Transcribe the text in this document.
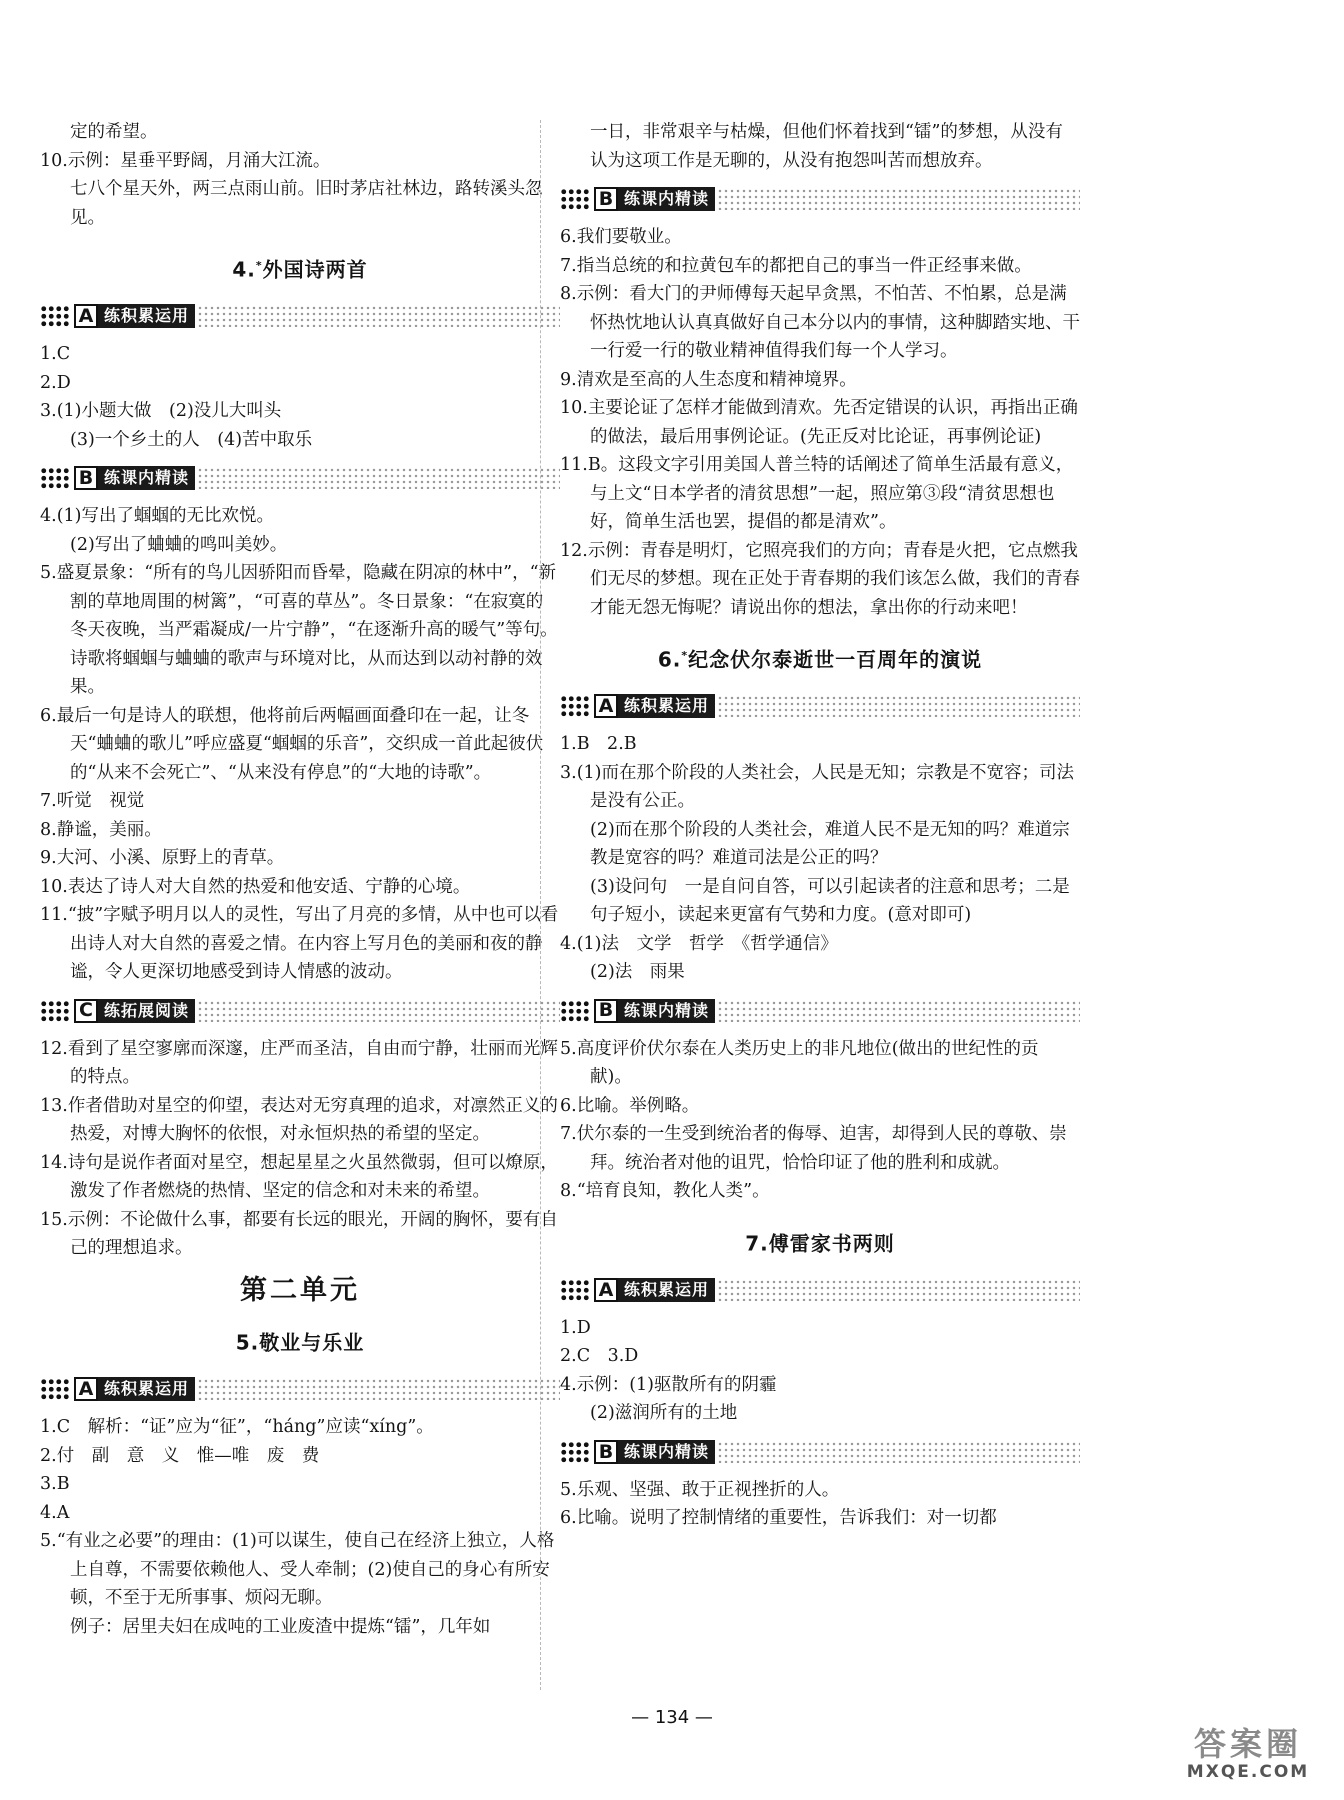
定的希望。

10.示例：星垂平野阔，月涌大江流。

七八个星天外，两三点雨山前。旧时茅店社林边，路转溪头忽见。

4.*外国诗两首
A 练积累运用

1.C

2.D

3.(1)小题大做　(2)没儿大叫头

(3)一个乡土的人　(4)苦中取乐

B 练课内精读

4.(1)写出了蝈蝈的无比欢悦。

(2)写出了蛐蛐的鸣叫美妙。

5.盛夏景象：“所有的鸟儿因骄阳而昏晕，隐藏在阴凉的林中”，“新割的草地周围的树篱”，“可喜的草丛”。冬日景象：“在寂寞的冬天夜晚，当严霜凝成/一片宁静”，“在逐渐升高的暖气”等句。诗歌将蝈蝈与蛐蛐的歌声与环境对比，从而达到以动衬静的效果。

6.最后一句是诗人的联想，他将前后两幅画面叠印在一起，让冬天“蛐蛐的歌儿”呼应盛夏“蝈蝈的乐音”，交织成一首此起彼伏的“从来不会死亡”、“从来没有停息”的“大地的诗歌”。

7.听觉　视觉

8.静谧，美丽。

9.大河、小溪、原野上的青草。

10.表达了诗人对大自然的热爱和他安适、宁静的心境。

11.“披”字赋予明月以人的灵性，写出了月亮的多情，从中也可以看出诗人对大自然的喜爱之情。在内容上写月色的美丽和夜的静谧，令人更深切地感受到诗人情感的波动。

C 练拓展阅读

12.看到了星空寥廓而深邃，庄严而圣洁，自由而宁静，壮丽而光辉的特点。

13.作者借助对星空的仰望，表达对无穷真理的追求，对凛然正义的热爱，对博大胸怀的依恨，对永恒炽热的希望的坚定。

14.诗句是说作者面对星空，想起星星之火虽然微弱，但可以燎原，激发了作者燃烧的热情、坚定的信念和对未来的希望。

15.示例：不论做什么事，都要有长远的眼光，开阔的胸怀，要有自己的理想追求。

第二单元
5.敬业与乐业
A 练积累运用

1.C　解析：“证”应为“征”，“háng”应读“xíng”。

2.付　副　意　义　惟—唯　废　费

3.B

4.A

5.“有业之必要”的理由：(1)可以谋生，使自己在经济上独立，人格上自尊，不需要依赖他人、受人牵制；(2)使自己的身心有所安顿，不至于无所事事、烦闷无聊。

例子：居里夫妇在成吨的工业废渣中提炼“镭”，几年如

一日，非常艰辛与枯燥，但他们怀着找到“镭”的梦想，从没有认为这项工作是无聊的，从没有抱怨叫苦而想放弃。

B 练课内精读

6.我们要敬业。

7.指当总统的和拉黄包车的都把自己的事当一件正经事来做。

8.示例：看大门的尹师傅每天起早贪黑，不怕苦、不怕累，总是满怀热忱地认认真真做好自己本分以内的事情，这种脚踏实地、干一行爱一行的敬业精神值得我们每一个人学习。

9.清欢是至高的人生态度和精神境界。

10.主要论证了怎样才能做到清欢。先否定错误的认识，再指出正确的做法，最后用事例论证。(先正反对比论证，再事例论证)

11.B。这段文字引用美国人普兰特的话阐述了简单生活最有意义，与上文“日本学者的清贫思想”一起，照应第③段“清贫思想也好，简单生活也罢，提倡的都是清欢”。

12.示例：青春是明灯，它照亮我们的方向；青春是火把，它点燃我们无尽的梦想。现在正处于青春期的我们该怎么做，我们的青春才能无怨无悔呢？请说出你的想法，拿出你的行动来吧！

6.*纪念伏尔泰逝世一百周年的演说
A 练积累运用

1.B　2.B

3.(1)而在那个阶段的人类社会，人民是无知；宗教是不宽容；司法是没有公正。

(2)而在那个阶段的人类社会，难道人民不是无知的吗？难道宗教是宽容的吗？难道司法是公正的吗？

(3)设问句　一是自问自答，可以引起读者的注意和思考；二是句子短小，读起来更富有气势和力度。(意对即可)

4.(1)法　文学　哲学　《哲学通信》

(2)法　雨果

B 练课内精读

5.高度评价伏尔泰在人类历史上的非凡地位(做出的世纪性的贡献)。

6.比喻。举例略。

7.伏尔泰的一生受到统治者的侮辱、迫害，却得到人民的尊敬、崇拜。统治者对他的诅咒，恰恰印证了他的胜利和成就。

8.“培育良知，教化人类”。

7.傅雷家书两则
A 练积累运用

1.D

2.C　3.D

4.示例：(1)驱散所有的阴霾

(2)滋润所有的土地

B 练课内精读

5.乐观、坚强、敢于正视挫折的人。

6.比喻。说明了控制情绪的重要性，告诉我们：对一切都

— 134 —
答案圈
MXQE.COM
